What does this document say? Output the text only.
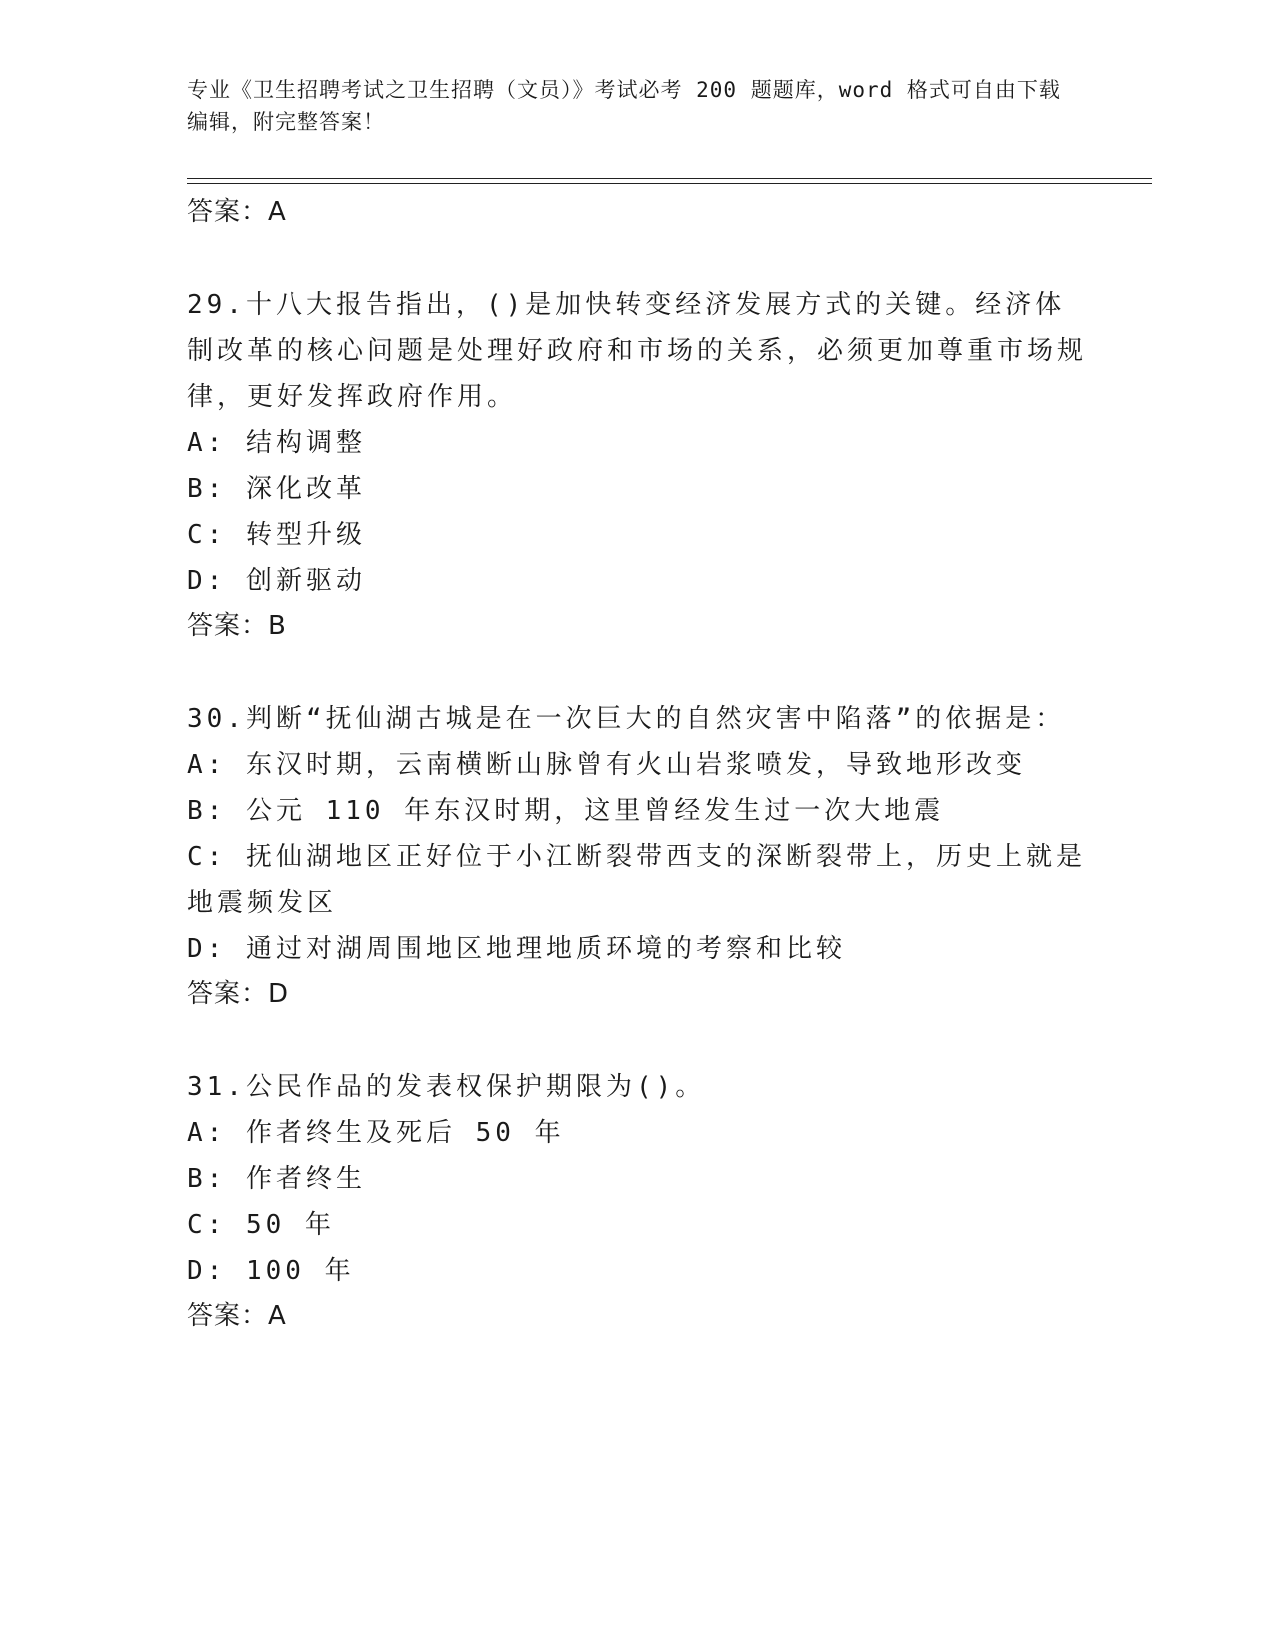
专业《卫生招聘考试之卫生招聘（文员）》考试必考 200 题题库，word 格式可自由下载编辑，附完整答案！
答案：A
29.十八大报告指出，()是加快转变经济发展方式的关键。经济体制改革的核心问题是处理好政府和市场的关系，必须更加尊重市场规律，更好发挥政府作用。
A: 结构调整
B: 深化改革
C: 转型升级
D: 创新驱动
答案：B
30.判断“抚仙湖古城是在一次巨大的自然灾害中陷落”的依据是：
A: 东汉时期，云南横断山脉曾有火山岩浆喷发，导致地形改变
B: 公元 110 年东汉时期，这里曾经发生过一次大地震
C: 抚仙湖地区正好位于小江断裂带西支的深断裂带上，历史上就是地震频发区
D: 通过对湖周围地区地理地质环境的考察和比较
答案：D
31.公民作品的发表权保护期限为()。
A: 作者终生及死后 50 年
B: 作者终生
C: 50 年
D: 100 年
答案：A
